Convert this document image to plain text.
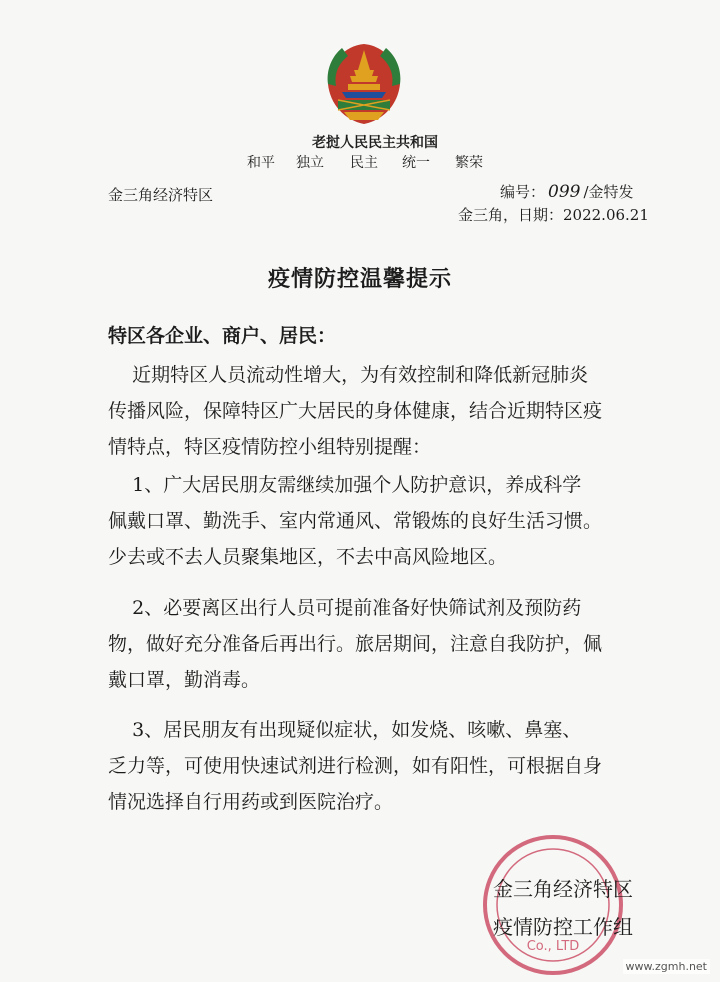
老挝人民民主共和国
和平 独立 民主 统一 繁荣
金三角经济特区	编号： 099 /金特发
金三角，日期：2022.06.21
疫情防控温馨提示
特区各企业、商户、居民：

近期特区人员流动性增大，为有效控制和降低新冠肺炎
传播风险，保障特区广大居民的身体健康，结合近期特区疫
情特点，特区疫情防控小组特别提醒：

1、广大居民朋友需继续加强个人防护意识，养成科学
佩戴口罩、勤洗手、室内常通风、常锻炼的良好生活习惯。
少去或不去人员聚集地区，不去中高风险地区。

2、必要离区出行人员可提前准备好快筛试剂及预防药
物，做好充分准备后再出行。旅居期间，注意自我防护，佩
戴口罩，勤消毒。

3、居民朋友有出现疑似症状，如发烧、咳嗽、鼻塞、
乏力等，可使用快速试剂进行检测，如有阳性，可根据自身
情况选择自行用药或到医院治疗。

Co., LTD
金三角经济特区
疫情防控工作组
www.zgmh.net
